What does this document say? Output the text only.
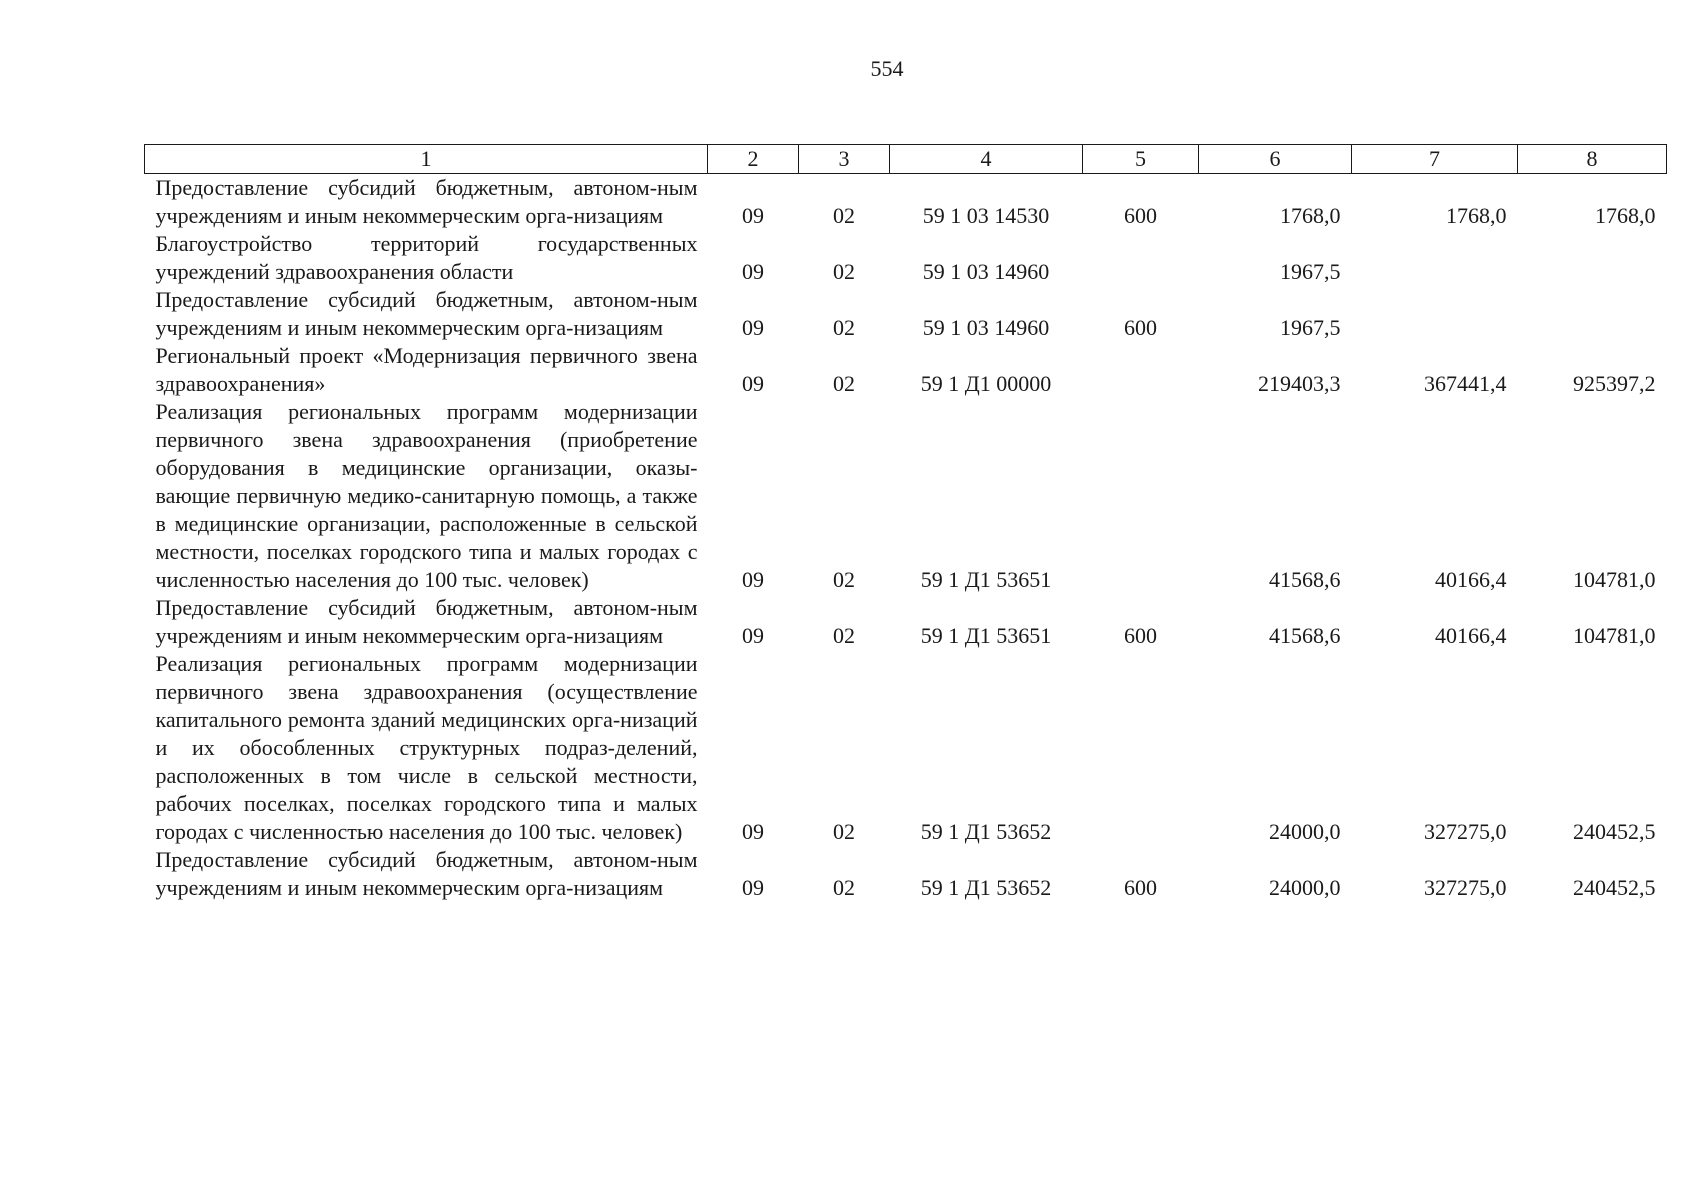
554
1	2	3	4	5	6	7	8
Предоставление субсидий бюджетным, автоном-ным учреждениям и иным некоммерческим орга-низациям	09	02	59 1 03 14530	600	1768,0	1768,0	1768,0
Благоустройство территорий государственных учреждений здравоохранения области	09	02	59 1 03 14960		1967,5		
Предоставление субсидий бюджетным, автоном-ным учреждениям и иным некоммерческим орга-низациям	09	02	59 1 03 14960	600	1967,5		
Региональный проект «Модернизация первичного звена здравоохранения»	09	02	59 1 Д1 00000		219403,3	367441,4	925397,2
Реализация региональных программ модернизации первичного звена здравоохранения (приобретение оборудования в медицинские организации, оказы-вающие первичную медико-санитарную помощь, а также в медицинские организации, расположенные в сельской местности, поселках городского типа и малых городах с численностью населения до 100 тыс. человек)	09	02	59 1 Д1 53651		41568,6	40166,4	104781,0
Предоставление субсидий бюджетным, автоном-ным учреждениям и иным некоммерческим орга-низациям	09	02	59 1 Д1 53651	600	41568,6	40166,4	104781,0
Реализация региональных программ модернизации первичного звена здравоохранения (осуществление капитального ремонта зданий медицинских орга-низаций и их обособленных структурных подраз-делений, расположенных в том числе в сельской местности, рабочих поселках, поселках городского типа и малых городах с численностью населения до 100 тыс. человек)	09	02	59 1 Д1 53652		24000,0	327275,0	240452,5
Предоставление субсидий бюджетным, автоном-ным учреждениям и иным некоммерческим орга-низациям	09	02	59 1 Д1 53652	600	24000,0	327275,0	240452,5
